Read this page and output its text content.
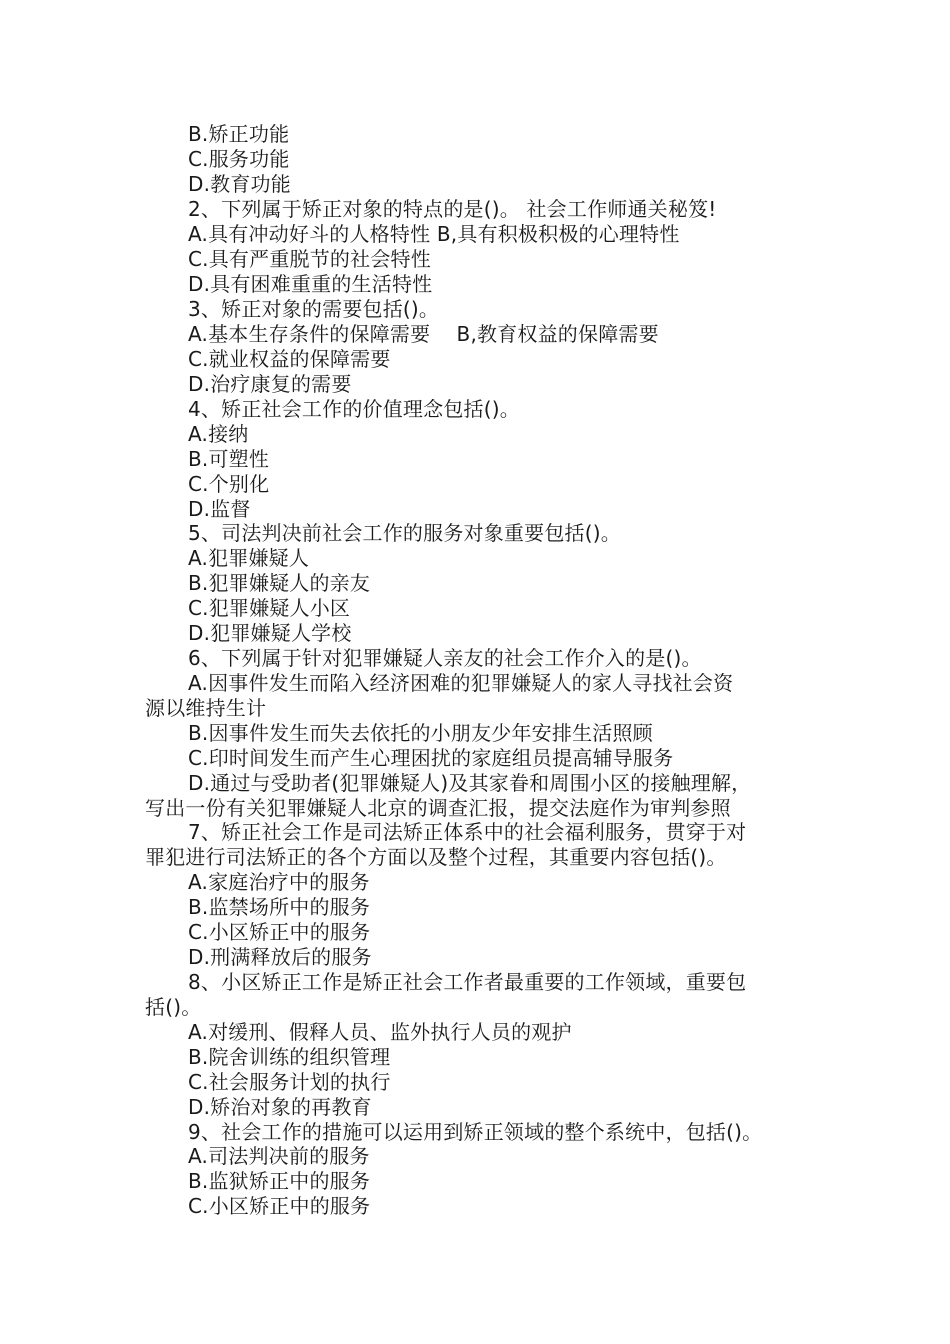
B.矫正功能
C.服务功能
D.教育功能
2、下列属于矫正对象的特点的是()。 社会工作师通关秘笈!
A.具有冲动好斗的人格特性 B,具有积极积极的心理特性
C.具有严重脱节的社会特性
D.具有困难重重的生活特性
3、矫正对象的需要包括()。
A.基本生存条件的保障需要    B,教育权益的保障需要
C.就业权益的保障需要
D.治疗康复的需要
4、矫正社会工作的价值理念包括()。
A.接纳
B.可塑性
C.个别化
D.监督
5、司法判决前社会工作的服务对象重要包括()。
A.犯罪嫌疑人
B.犯罪嫌疑人的亲友
C.犯罪嫌疑人小区
D.犯罪嫌疑人学校
6、下列属于针对犯罪嫌疑人亲友的社会工作介入的是()。
A.因事件发生而陷入经济困难的犯罪嫌疑人的家人寻找社会资
源以维持生计
B.因事件发生而失去依托的小朋友少年安排生活照顾
C.印时间发生而产生心理困扰的家庭组员提高辅导服务
D.通过与受助者(犯罪嫌疑人)及其家眷和周围小区的接触理解，
写出一份有关犯罪嫌疑人北京的调查汇报，提交法庭作为审判参照
7、矫正社会工作是司法矫正体系中的社会福利服务，贯穿于对
罪犯进行司法矫正的各个方面以及整个过程，其重要内容包括()。
A.家庭治疗中的服务
B.监禁场所中的服务
C.小区矫正中的服务
D.刑满释放后的服务
8、小区矫正工作是矫正社会工作者最重要的工作领域，重要包
括()。
A.对缓刑、假释人员、监外执行人员的观护
B.院舍训练的组织管理
C.社会服务计划的执行
D.矫治对象的再教育
9、社会工作的措施可以运用到矫正领域的整个系统中，包括()。
A.司法判决前的服务
B.监狱矫正中的服务
C.小区矫正中的服务
